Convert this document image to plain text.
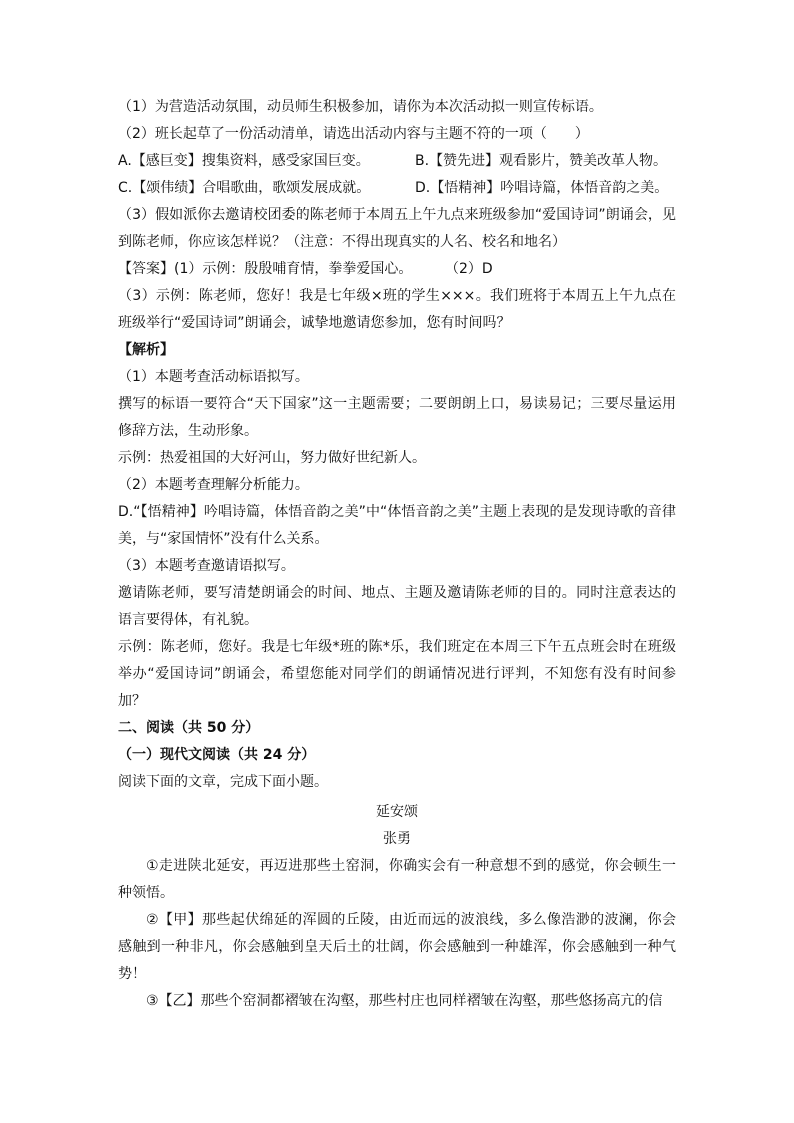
（1）为营造活动氛围，动员师生积极参加，请你为本次活动拟一则宣传标语。
（2）班长起草了一份活动清单，请选出活动内容与主题不符的一项（　　）
A.【感巨变】搜集资料，感受家国巨变。	B.【赞先进】观看影片，赞美改革人物。
C.【颂伟绩】合唱歌曲，歌颂发展成就。	D.【悟精神】吟唱诗篇，体悟音韵之美。
（3）假如派你去邀请校团委的陈老师于本周五上午九点来班级参加“爱国诗词”朗诵会，见到陈老师，你应该怎样说？（注意：不得出现真实的人名、校名和地名）
【答案】(1）示例：殷殷哺育情，拳拳爱国心。	（2）D
（3）示例：陈老师，您好！我是七年级×班的学生×××。我们班将于本周五上午九点在班级举行“爱国诗词”朗诵会，诚挚地邀请您参加，您有时间吗？
【解析】
（1）本题考查活动标语拟写。
撰写的标语一要符合“天下国家”这一主题需要；二要朗朗上口，易读易记；三要尽量运用修辞方法，生动形象。
示例：热爱祖国的大好河山，努力做好世纪新人。
（2）本题考查理解分析能力。
D.“【悟精神】吟唱诗篇，体悟音韵之美”中“体悟音韵之美”主题上表现的是发现诗歌的音律美，与“家国情怀”没有什么关系。
（3）本题考查邀请语拟写。
邀请陈老师，要写清楚朗诵会的时间、地点、主题及邀请陈老师的目的。同时注意表达的语言要得体，有礼貌。
示例：陈老师，您好。我是七年级*班的陈*乐，我们班定在本周三下午五点班会时在班级举办“爱国诗词”朗诵会，希望您能对同学们的朗诵情况进行评判，不知您有没有时间参加？
二、阅读（共 50 分）
（一）现代文阅读（共 24 分）
阅读下面的文章，完成下面小题。
延安颂
张勇
①走进陕北延安，再迈进那些土窑洞，你确实会有一种意想不到的感觉，你会顿生一种领悟。
②【甲】那些起伏绵延的浑圆的丘陵，由近而远的波浪线，多么像浩渺的波澜，你会感触到一种非凡，你会感触到皇天后土的壮阔，你会感触到一种雄浑，你会感触到一种气势！
③【乙】那些个窑洞都褶皱在沟壑，那些村庄也同样褶皱在沟壑，那些悠扬高亢的信
